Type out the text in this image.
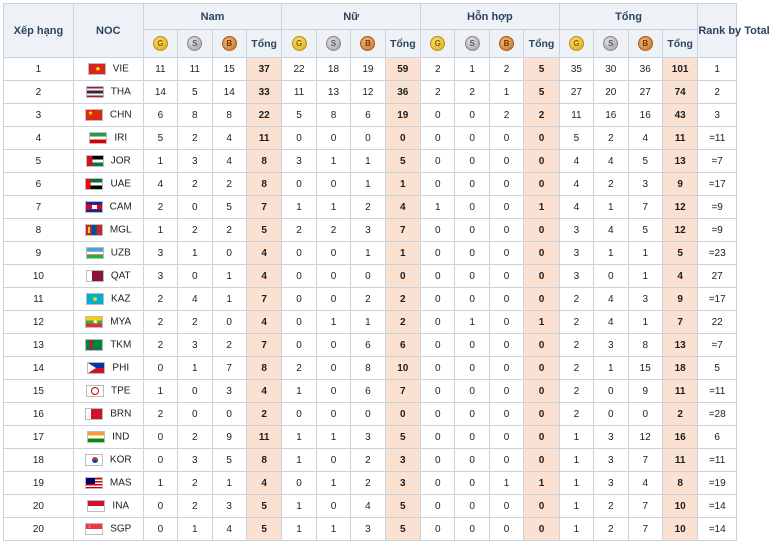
Xếp hạng	NOC	Nam				Nữ				Hỗn hợp				Tổng				Rank by Total
		G	S	B	Tổng	G	S	B	Tổng	G	S	B	Tổng	G	S	B	Tổng	
1	★ VIE	11	11	15	37	22	18	19	59	2	1	2	5	35	30	36	101	1
2	THA	14	5	14	33	11	13	12	36	2	2	1	5	27	20	27	74	2
3	★ CHN	6	8	8	22	5	8	6	19	0	0	2	2	11	16	16	43	3
4	IRI	5	2	4	11	0	0	0	0	0	0	0	0	5	2	4	11	=11
5	JOR	1	3	4	8	3	1	1	5	0	0	0	0	4	4	5	13	=7
6	UAE	4	2	2	8	0	0	1	1	0	0	0	0	4	2	3	9	=17
7	CAM	2	0	5	7	1	1	2	4	1	0	0	1	4	1	7	12	=9
8	MGL	1	2	2	5	2	2	3	7	0	0	0	0	3	4	5	12	=9
9	UZB	3	1	0	4	0	0	1	1	0	0	0	0	3	1	1	5	=23
10	QAT	3	0	1	4	0	0	0	0	0	0	0	0	3	0	1	4	27
11	KAZ	2	4	1	7	0	0	2	2	0	0	0	0	2	4	3	9	=17
12	★ MYA	2	2	0	4	0	1	1	2	0	1	0	1	2	4	1	7	22
13	TKM	2	3	2	7	0	0	6	6	0	0	0	0	2	3	8	13	=7
14	PHI	0	1	7	8	2	0	8	10	0	0	0	0	2	1	15	18	5
15	TPE	1	0	3	4	1	0	6	7	0	0	0	0	2	0	9	11	=11
16	BRN	2	0	0	2	0	0	0	0	0	0	0	0	2	0	0	2	=28
17	IND	0	2	9	11	1	1	3	5	0	0	0	0	1	3	12	16	6
18	KOR	0	3	5	8	1	0	2	3	0	0	0	0	1	3	7	11	=11
19	MAS	1	2	1	4	0	1	2	3	0	0	1	1	1	3	4	8	=19
20	INA	0	2	3	5	1	0	4	5	0	0	0	0	1	2	7	10	=14
20	☾ SGP	0	1	4	5	1	1	3	5	0	0	0	0	1	2	7	10	=14
